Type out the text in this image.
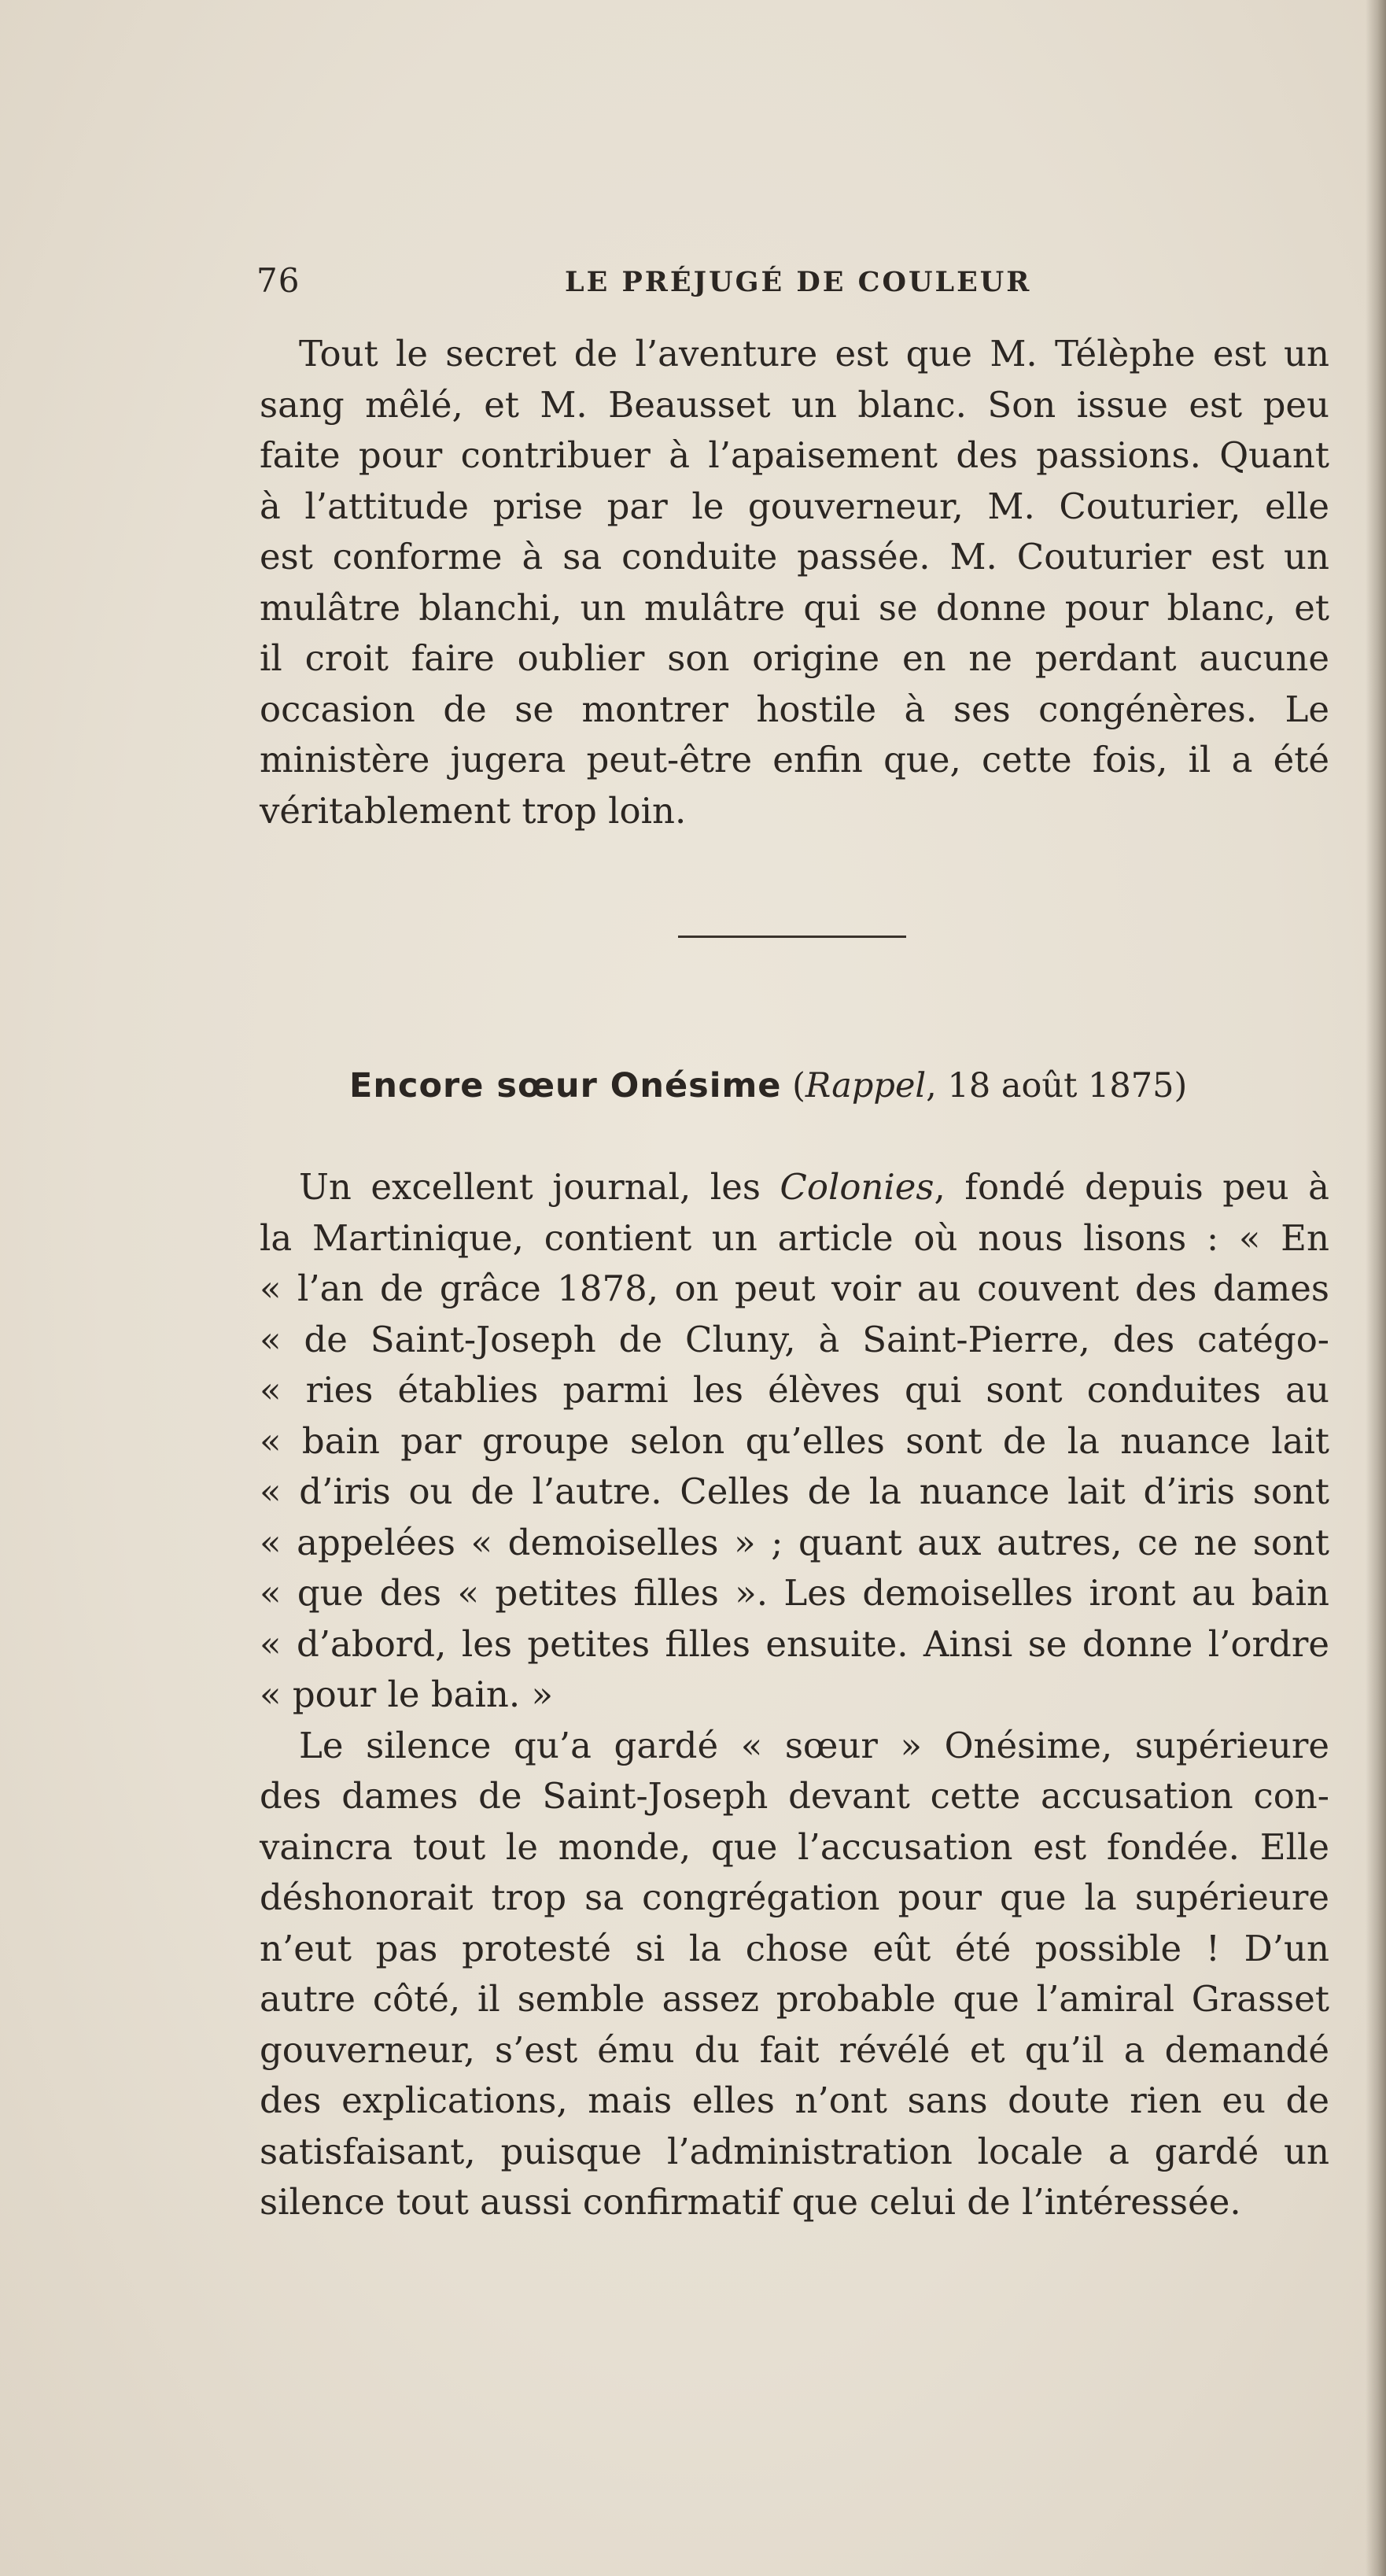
76	LE PRÉJUGÉ DE COULEUR
Tout le secret de l’aventure est que M. Télèphe est un
sang mêlé, et M. Beausset un blanc. Son issue est peu
faite pour contribuer à l’apaisement des passions. Quant
à l’attitude prise par le gouverneur, M. Couturier, elle
est conforme à sa conduite passée. M. Couturier est un
mulâtre blanchi, un mulâtre qui se donne pour blanc, et
il croit faire oublier son origine en ne perdant aucune
occasion de se montrer hostile à ses congénères. Le
ministère jugera peut-être enfin que, cette fois, il a été
véritablement trop loin.
Encore sœur Onésime (Rappel, 18 août 1875)
Un excellent journal, les Colonies, fondé depuis peu à
la Martinique, contient un article où nous lisons : « En
« l’an de grâce 1878, on peut voir au couvent des dames
« de Saint-Joseph de Cluny, à Saint-Pierre, des catégo-
« ries établies parmi les élèves qui sont conduites au
« bain par groupe selon qu’elles sont de la nuance lait
« d’iris ou de l’autre. Celles de la nuance lait d’iris sont
« appelées « demoiselles » ; quant aux autres, ce ne sont
« que des « petites filles ». Les demoiselles iront au bain
« d’abord, les petites filles ensuite. Ainsi se donne l’ordre
« pour le bain. »
Le silence qu’a gardé « sœur » Onésime, supérieure
des dames de Saint-Joseph devant cette accusation con-
vaincra tout le monde, que l’accusation est fondée. Elle
déshonorait trop sa congrégation pour que la supérieure
n’eut pas protesté si la chose eût été possible ! D’un
autre côté, il semble assez probable que l’amiral Grasset
gouverneur, s’est ému du fait révélé et qu’il a demandé
des explications, mais elles n’ont sans doute rien eu de
satisfaisant, puisque l’administration locale a gardé un
silence tout aussi confirmatif que celui de l’intéressée.
